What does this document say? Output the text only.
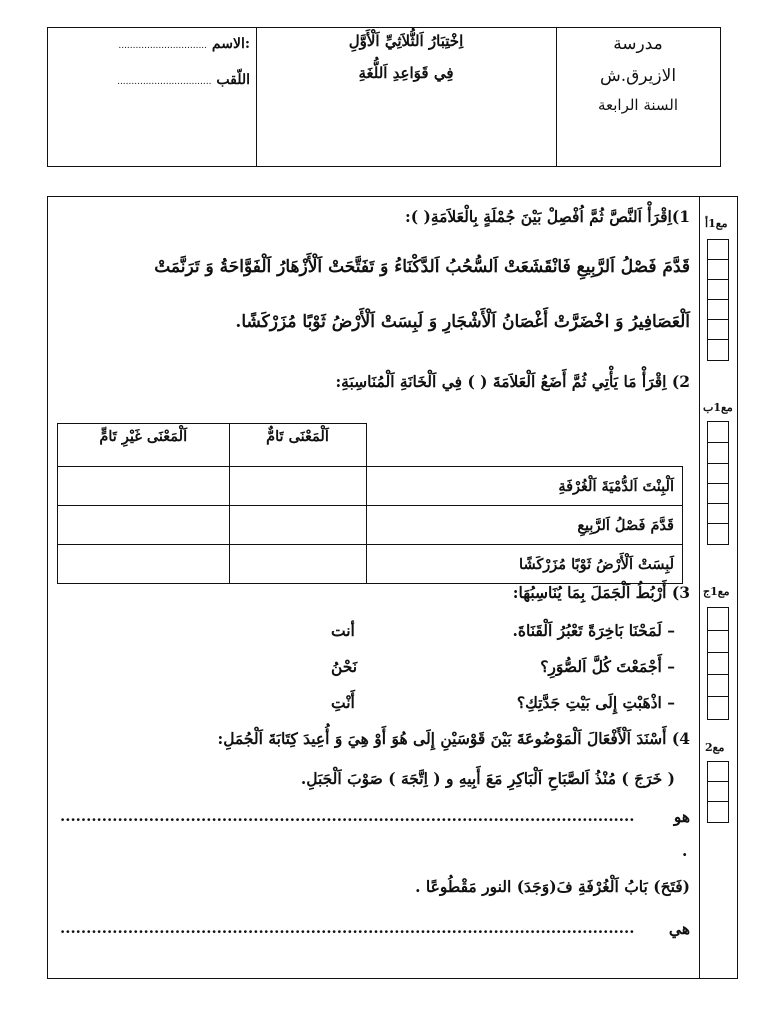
:الاسم ...............................
اللّقب .................................
اِخْتِبَارُ اَلثُّلاَثِيِّ اَلْأَوَّلِ
فِي قَوَاعِدِ اَللُّغَةِ
مدرسة
الازيرق.ش
السنة الرابعة
مع1أ
مع1ب
مع1ج
مع2
1)اِقْرَأْ اَلنَّصَّ ثُمَّ اُفْصِلْ بَيْنَ جُمْلَةٍ بِالْعَلاَمَةِ( ):
قَدَّمَ فَصْلُ اَلرَّبِيعِ فَانْقَشَعَتْ اَلسُّحُبُ اَلدَّكْنَاءُ وَ تَفَتَّحَتْ اَلْأَزْهَارُ اَلْفَوَّاحَةُ وَ تَرَنَّمَتْ
اَلْعَصَافِيرُ وَ اخْضَرَّتْ أَغْصَانُ اَلْأَشْجَارِ وَ لَبِسَتْ اَلْأَرْضُ ثَوْبًا مُزَرْكَشًا.
2) اِقْرَأْ مَا يَأْتِي ثُمَّ أَضَعُ اَلْعَلاَمَةَ ( ) فِي اَلْخَانَةِ اَلْمُنَاسِبَةِ:
	اَلْمَعْنَى تَامٌّ	اَلْمَعْنَى غَيْرِ تَامٍّ
اَلْبِنْتَ اَلدُّمْيَةَ اَلْغُرْفَةِ		
قَدَّمَ فَصْلُ اَلرَّبِيعِ		
لَبِسَتْ اَلْأَرْضُ ثَوْبًا مُزَرْكَشًا		
3) أَرْبُطُ اَلْجَمَلَ بِمَا يُنَاسِبُهَا:
– لَمَحْنَا بَاخِرَةً تَعْبُرُ اَلْقَنَاةَ.
أنت
– أَجْمَعْتَ كُلَّ اَلصُّوَرِ؟
نَحْنُ
– اذْهَبْتِ إِلَى بَيْتِ جَدَّتِكِ؟
أَنْتِ
4) أَسْنَدَ اَلْأَفْعَالَ اَلْمَوْضُوعَةَ بَيْنَ قَوْسَيْنِ إِلَى هُوَ أَوْ هِيَ وَ أُعِيدَ كِتَابَةَ اَلْجُمَلِ:
( خَرَجَ ) مُنْذُ اَلصَّبَاحِ اَلْبَاكِرِ مَعَ أَبِيهِ و ( اِتَّجَهَ ) صَوْبَ اَلْجَبَلِ.
هو
..............................................................................................................
.
(فَتَحَ) بَابُ اَلْغُرْفَةِ فَ(وَجَدَ) النور مَقْطُوعًا .
هي
..............................................................................................................
